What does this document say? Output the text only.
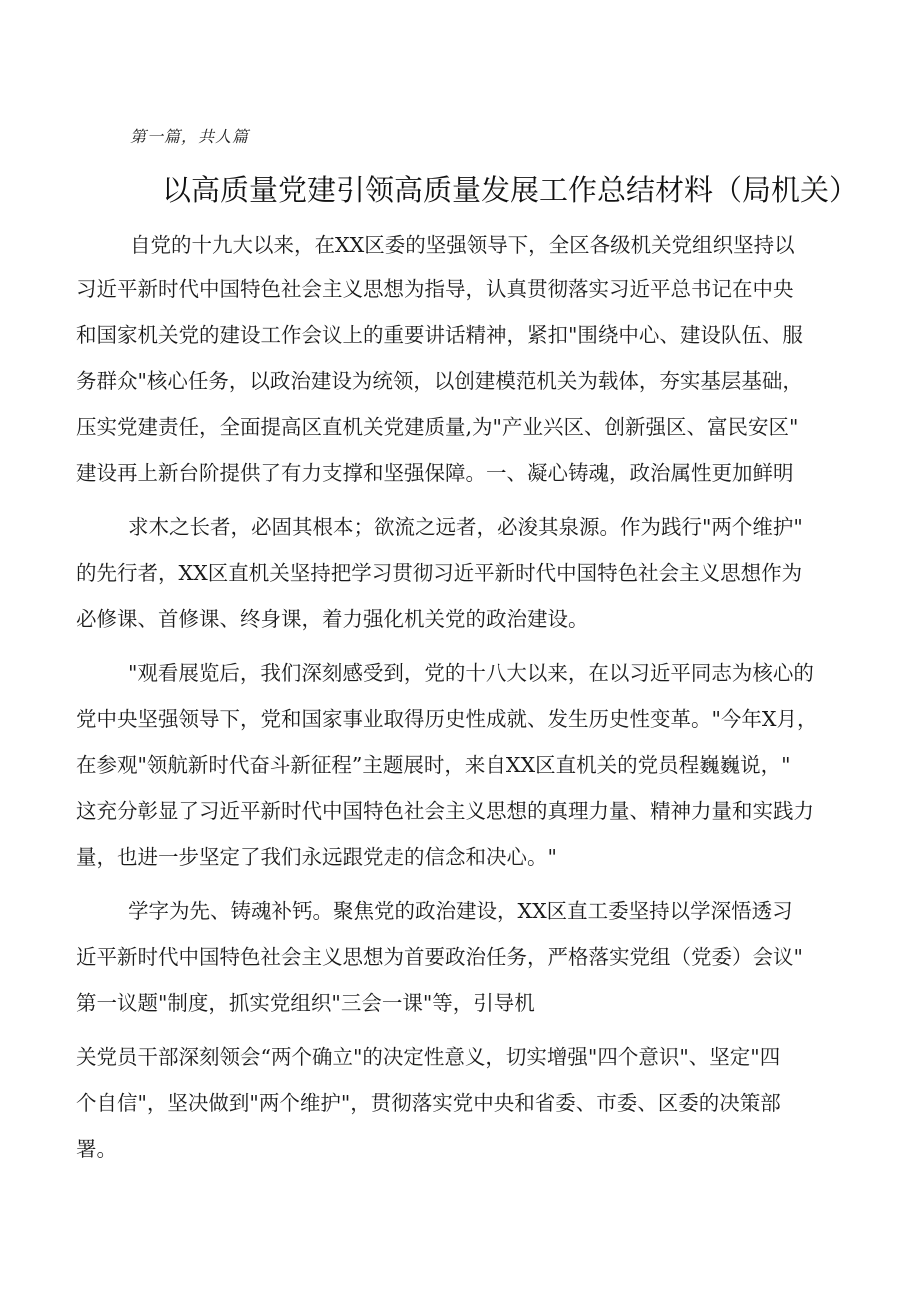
第一篇，共人篇
以高质量党建引领高质量发展工作总结材料（局机关）
自党的十九大以来，在XX区委的坚强领导下，全区各级机关党组织坚持以
习近平新时代中国特色社会主义思想为指导，认真贯彻落实习近平总书记在中央
和国家机关党的建设工作会议上的重要讲话精神，紧扣"围绕中心、建设队伍、服
务群众"核心任务，以政治建设为统领，以创建模范机关为载体，夯实基层基础，
压实党建责任，全面提高区直机关党建质量,为"产业兴区、创新强区、富民安区"
建设再上新台阶提供了有力支撑和坚强保障。一、凝心铸魂，政治属性更加鲜明
求木之长者，必固其根本；欲流之远者，必浚其泉源。作为践行"两个维护"
的先行者，XX区直机关坚持把学习贯彻习近平新时代中国特色社会主义思想作为
必修课、首修课、终身课，着力强化机关党的政治建设。
"观看展览后，我们深刻感受到，党的十八大以来，在以习近平同志为核心的
党中央坚强领导下，党和国家事业取得历史性成就、发生历史性变革。"今年X月，
在参观"领航新时代奋斗新征程”主题展时，来自XX区直机关的党员程巍巍说，"
这充分彰显了习近平新时代中国特色社会主义思想的真理力量、精神力量和实践力
量，也进一步坚定了我们永远跟党走的信念和决心。"
学字为先、铸魂补钙。聚焦党的政治建设，XX区直工委坚持以学深悟透习
近平新时代中国特色社会主义思想为首要政治任务，严格落实党组（党委）会议"
第一议题"制度，抓实党组织"三会一课"等，引导机
关党员干部深刻领会“两个确立"的决定性意义，切实增强"四个意识"、坚定"四
个自信"，坚决做到"两个维护"，贯彻落实党中央和省委、市委、区委的决策部
署。
